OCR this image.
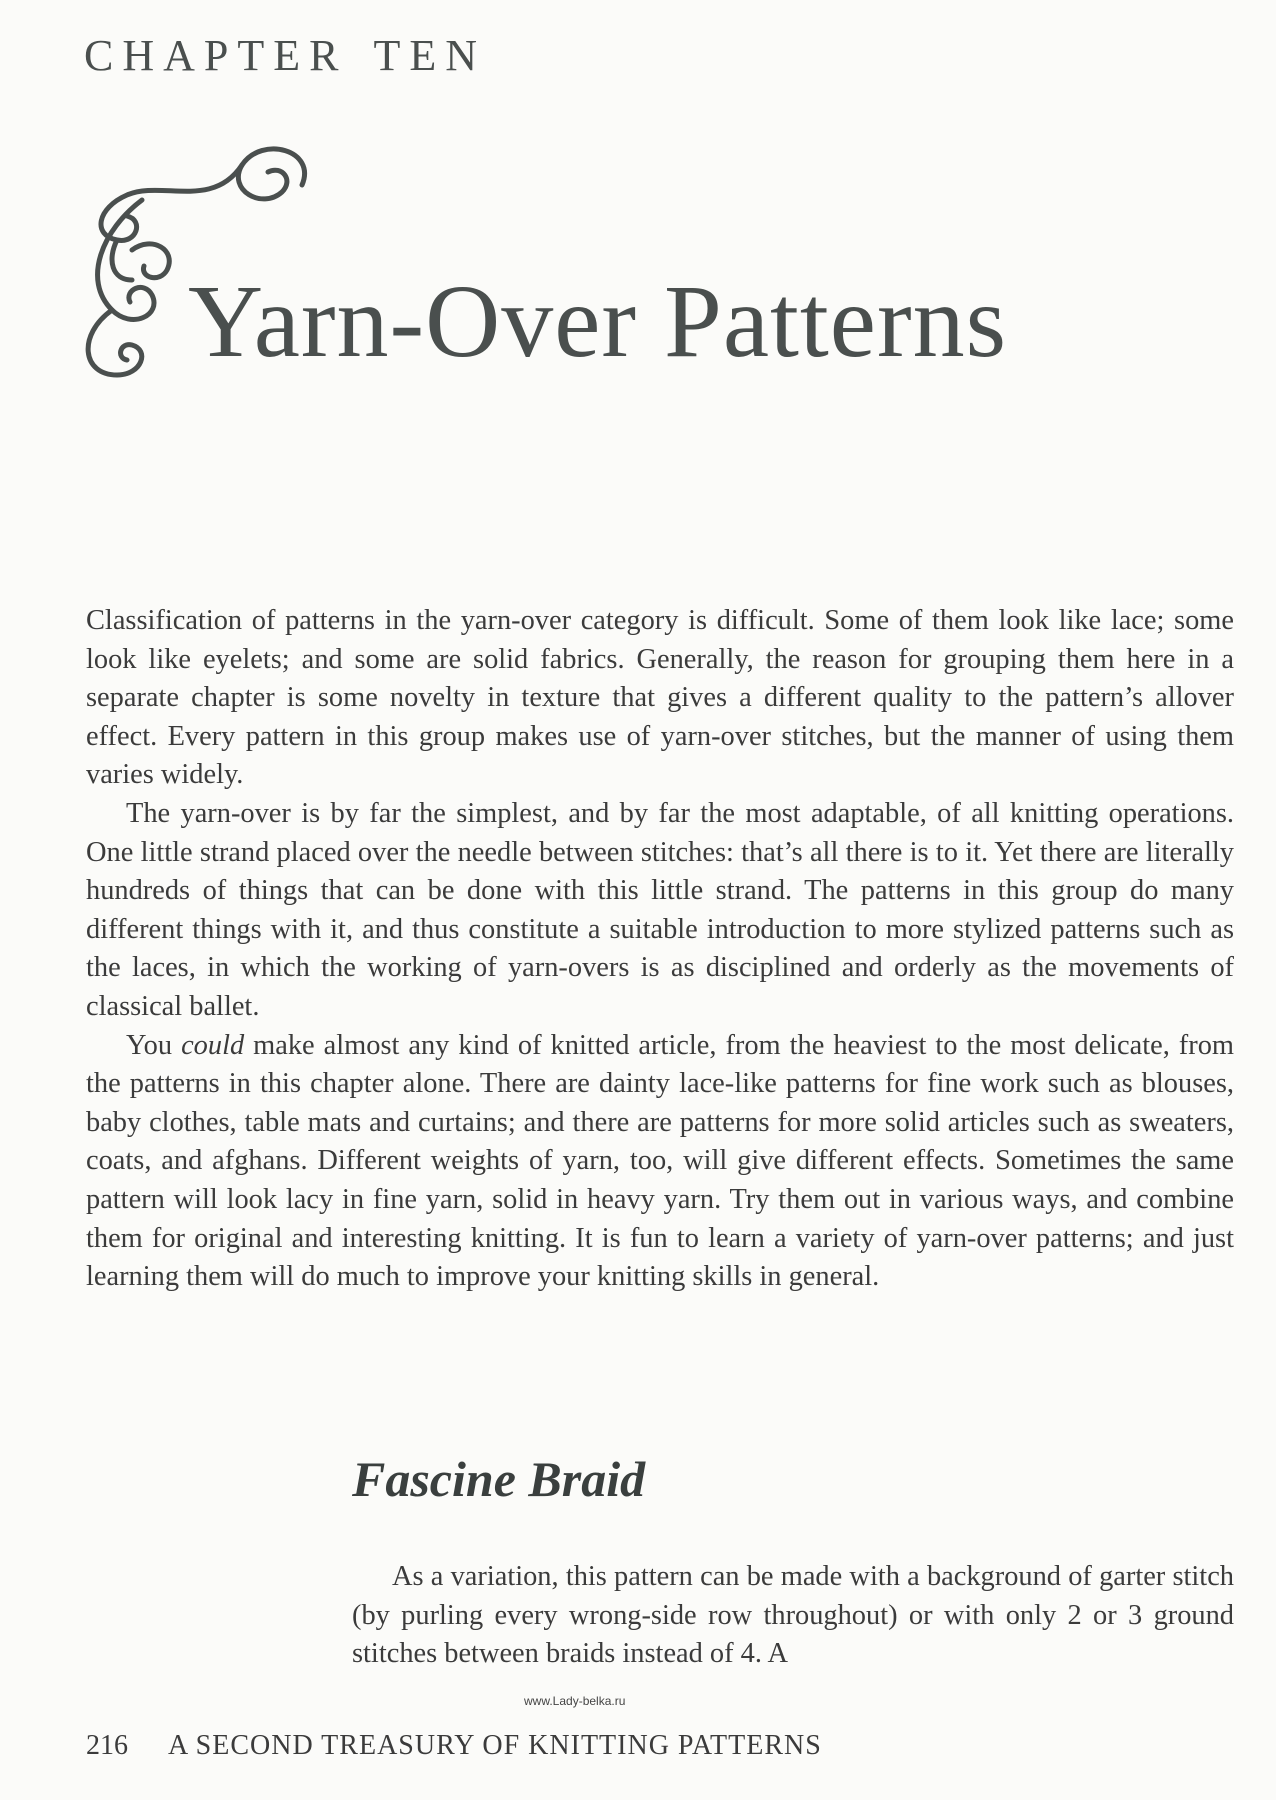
CHAPTER TEN
Yarn-Over Patterns

Classification of patterns in the yarn-over category is difficult. Some of them look like lace; some look like eyelets; and some are solid fabrics. Generally, the reason for grouping them here in a separate chapter is some novelty in texture that gives a different quality to the pattern’s allover effect. Every pattern in this group makes use of yarn-over stitches, but the manner of using them varies widely.

The yarn-over is by far the simplest, and by far the most adaptable, of all knitting operations. One little strand placed over the needle between stitches: that’s all there is to it. Yet there are literally hundreds of things that can be done with this little strand. The patterns in this group do many different things with it, and thus constitute a suitable introduction to more stylized patterns such as the laces, in which the working of yarn-overs is as disciplined and orderly as the movements of classical ballet.

You could make almost any kind of knitted article, from the heaviest to the most delicate, from the patterns in this chapter alone. There are dainty lace-like patterns for fine work such as blouses, baby clothes, table mats and curtains; and there are patterns for more solid articles such as sweaters, coats, and afghans. Different weights of yarn, too, will give different effects. Sometimes the same pattern will look lacy in fine yarn, solid in heavy yarn. Try them out in various ways, and combine them for original and interesting knitting. It is fun to learn a variety of yarn-over patterns; and just learning them will do much to improve your knitting skills in general.

Fascine Braid
As a variation, this pattern can be made with a background of garter stitch (by purling every wrong-side row throughout) or with only 2 or 3 ground stitches between braids instead of 4. A
www.Lady-belka.ru
216 A SECOND TREASURY OF KNITTING PATTERNS
